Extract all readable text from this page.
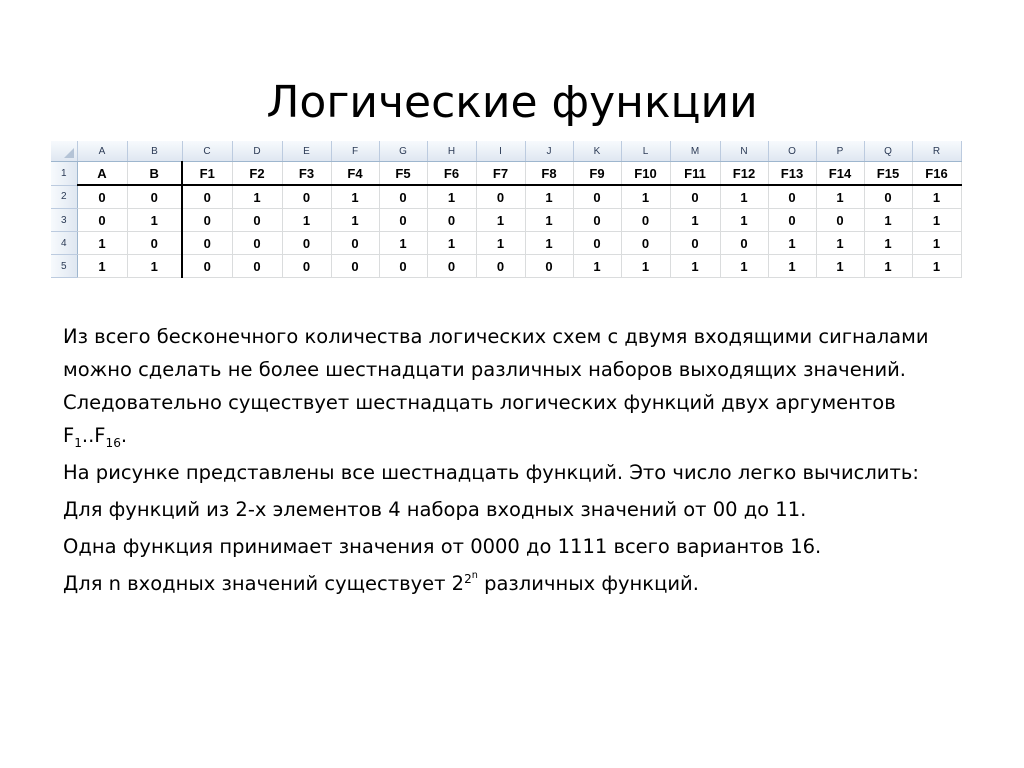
Логические функции
	A	B	C	D	E	F	G	H	I	J	K	L	M	N	O	P	Q	R
1	A	B	F1	F2	F3	F4	F5	F6	F7	F8	F9	F10	F11	F12	F13	F14	F15	F16
2	0	0	0	1	0	1	0	1	0	1	0	1	0	1	0	1	0	1
3	0	1	0	0	1	1	0	0	1	1	0	0	1	1	0	0	1	1
4	1	0	0	0	0	0	1	1	1	1	0	0	0	0	1	1	1	1
5	1	1	0	0	0	0	0	0	0	0	1	1	1	1	1	1	1	1

Из всего бесконечного количества логических схем с двумя входящими сигналами можно сделать не более шестнадцати различных наборов выходящих значений. Следовательно существует шестнадцать логических функций двух аргументов $F_1..F_{16}$.

На рисунке представлены все шестнадцать функций. Это число легко вычислить:

Для функций из 2-х элементов 4 набора входных значений от 00 до 11.

Одна функция принимает значения от 0000 до 1111 всего вариантов 16.

Для n входных значений существует $2^{2^n}$ различных функций.
